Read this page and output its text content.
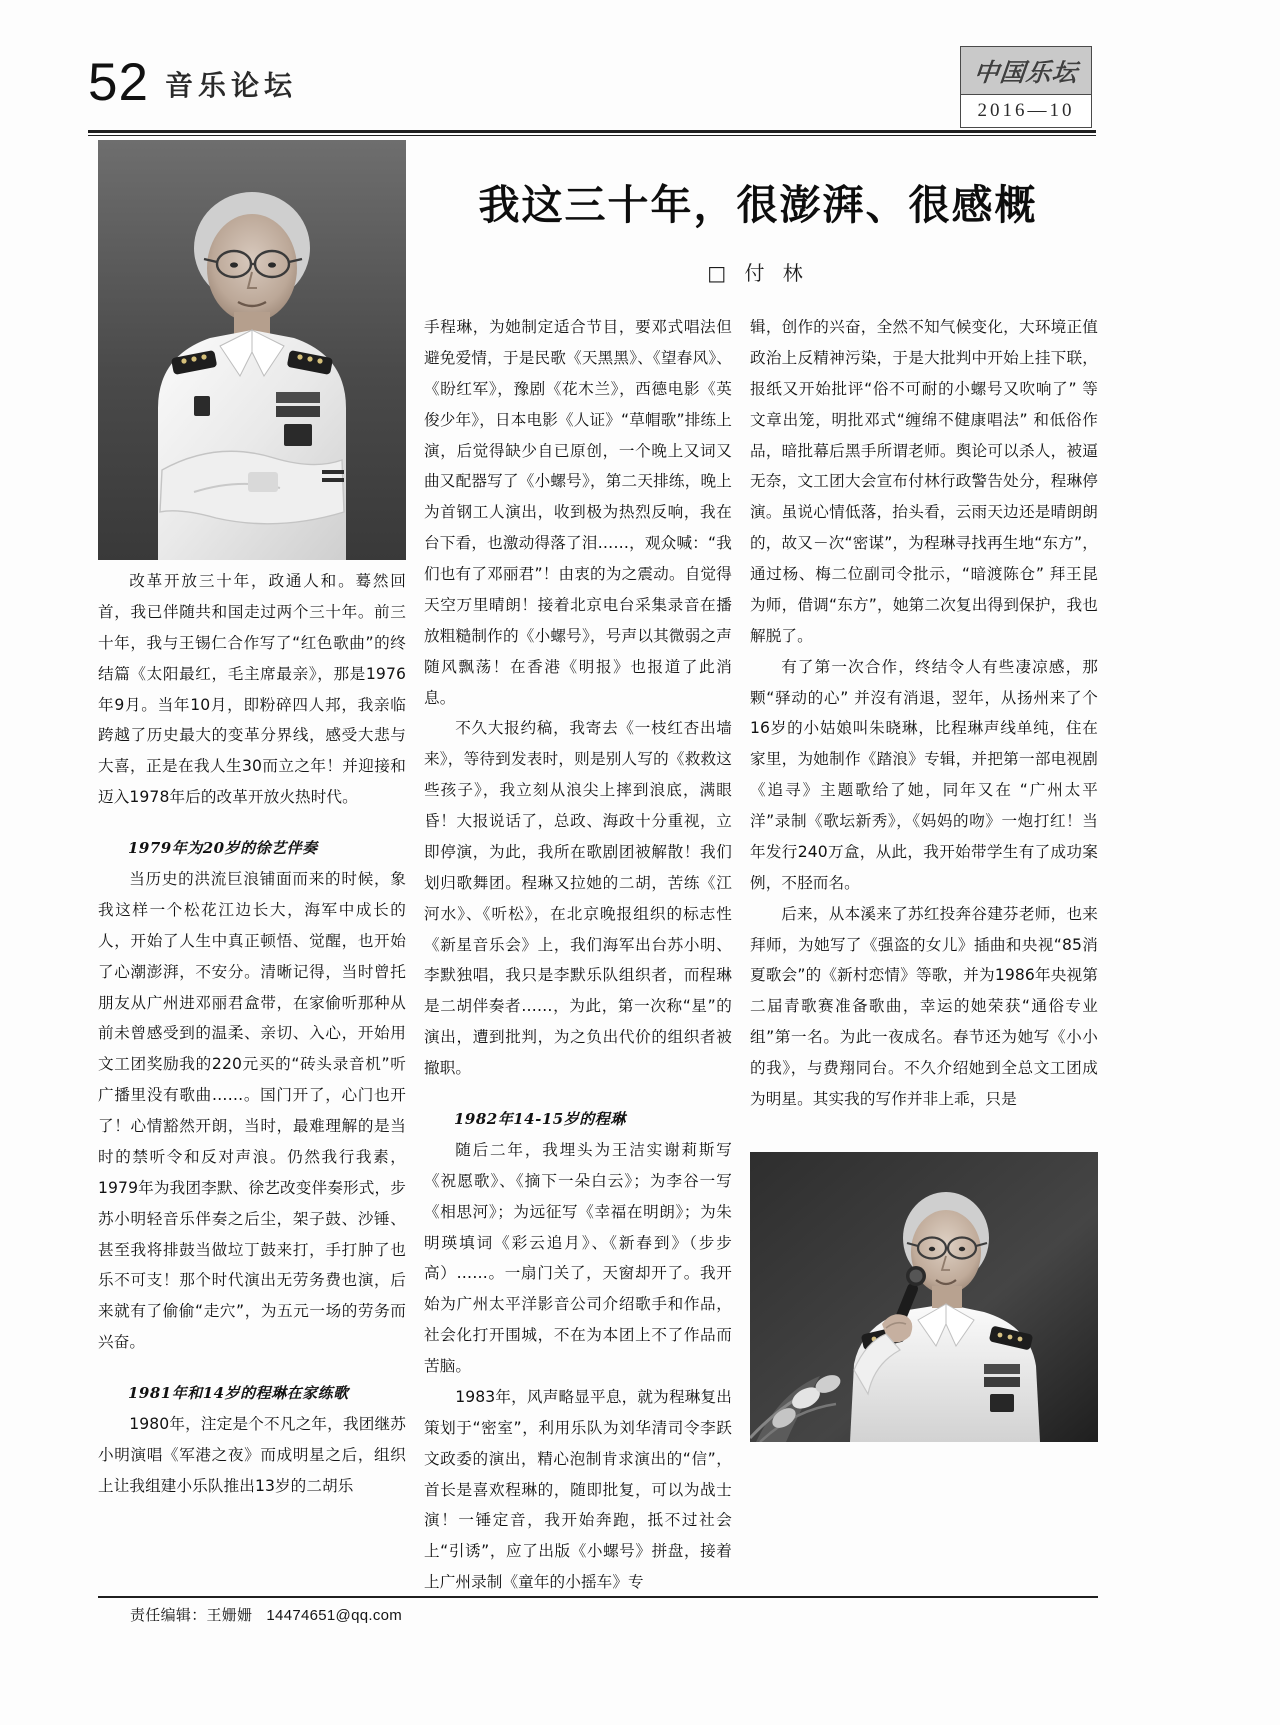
52 音乐论坛	中国乐坛
2016—10
我这三十年，很澎湃、很感概
□ 付 林

改革开放三十年，政通人和。蓦然回首，我已伴随共和国走过两个三十年。前三十年，我与王锡仁合作写了“红色歌曲”的终结篇《太阳最红，毛主席最亲》，那是1976年9月。当年10月，即粉碎四人邦，我亲临跨越了历史最大的变革分界线，感受大悲与大喜，正是在我人生30而立之年！并迎接和迈入1978年后的改革开放火热时代。

1979年为20岁的徐艺伴奏

当历史的洪流巨浪铺面而来的时候，象我这样一个松花江边长大，海军中成长的人，开始了人生中真正顿悟、觉醒，也开始了心潮澎湃，不安分。清晰记得，当时曾托朋友从广州进邓丽君盒带，在家偷听那种从前未曾感受到的温柔、亲切、入心，开始用文工团奖励我的220元买的“砖头录音机”听广播里没有歌曲……。国门开了，心门也开了！心情豁然开朗，当时，最难理解的是当时的禁听令和反对声浪。仍然我行我素，1979年为我团李默、徐艺改变伴奏形式，步苏小明轻音乐伴奏之后尘，架子鼓、沙锤、甚至我将排鼓当做垃丁鼓来打，手打肿了也乐不可支！那个时代演出无劳务费也演，后来就有了偷偷“走穴”，为五元一场的劳务而兴奋。

1981年和14岁的程琳在家练歌

1980年，注定是个不凡之年，我团继苏小明演唱《军港之夜》而成明星之后，组织上让我组建小乐队推出13岁的二胡乐

手程琳，为她制定适合节目，要邓式唱法但避免爱情，于是民歌《天黑黑》、《望春风》、《盼红军》，豫剧《花木兰》，西德电影《英俊少年》，日本电影《人证》“草帽歌”排练上演，后觉得缺少自已原创，一个晚上又词又曲又配器写了《小螺号》，第二天排练，晚上为首钢工人演出，收到极为热烈反响，我在台下看，也激动得落了泪……，观众喊：“我们也有了邓丽君”！由衷的为之震动。自觉得天空万里晴朗！接着北京电台采集录音在播放粗糙制作的《小螺号》，号声以其微弱之声随风飘荡！在香港《明报》也报道了此消息。

不久大报约稿，我寄去《一枝红杏出墙来》，等待到发表时，则是别人写的《救救这些孩子》，我立刻从浪尖上摔到浪底，满眼昏！大报说话了，总政、海政十分重视，立即停演，为此，我所在歌剧团被解散！我们划归歌舞团。程琳又拉她的二胡，苦练《江河水》、《听松》，在北京晚报组织的标志性《新星音乐会》上，我们海军出台苏小明、李默独唱，我只是李默乐队组织者，而程琳是二胡伴奏者……，为此，第一次称“星”的演出，遭到批判，为之负出代价的组织者被撤职。

1982年14-15岁的程琳

随后二年，我埋头为王洁实谢莉斯写《祝愿歌》、《摘下一朵白云》；为李谷一写《相思河》；为远征写《幸福在明朗》；为朱明瑛填词《彩云追月》、《新春到》（步步高）……。一扇门关了，天窗却开了。我开始为广州太平洋影音公司介绍歌手和作品，社会化打开围城，不在为本团上不了作品而苦脑。

1983年，风声略显平息，就为程琳复出策划于“密室”，利用乐队为刘华清司令李跃文政委的演出，精心泡制肯求演出的“信”，首长是喜欢程琳的，随即批复，可以为战士演！一锤定音，我开始奔跑，抵不过社会上“引诱”，应了出版《小螺号》拼盘，接着上广州录制《童年的小摇车》专

辑，创作的兴奋，全然不知气候变化，大环境正值政治上反精神污染，于是大批判中开始上挂下联，报纸又开始批评“俗不可耐的小螺号又吹响了” 等文章出笼，明批邓式“缠绵不健康唱法” 和低俗作品，暗批幕后黑手所谓老师。舆论可以杀人，被逼无奈，文工团大会宣布付林行政警告处分，程琳停演。虽说心情低落，抬头看，云雨天边还是晴朗朗的，故又－次“密谋”，为程琳寻找再生地“东方”，通过杨、梅二位副司令批示，“暗渡陈仓” 拜王昆为师，借调“东方”，她第二次复出得到保护，我也解脱了。

有了第一次合作，终结令人有些凄凉感，那颗“驿动的心” 并沒有消退，翌年，从扬州来了个16岁的小姑娘叫朱晓琳，比程琳声线单纯，住在家里，为她制作《踏浪》专辑，并把第一部电视剧《追寻》主题歌给了她，同年又在 “广州太平洋”录制《歌坛新秀》，《妈妈的吻》一炮打红！当年发行240万盒，从此，我开始带学生有了成功案例，不胫而名。

后来，从本溪来了苏红投奔谷建芬老师，也来拜师，为她写了《强盗的女儿》插曲和央视“85消夏歌会”的《新村恋情》等歌，并为1986年央视第二届青歌赛准备歌曲，幸运的她荣获“通俗专业组”第一名。为此一夜成名。春节还为她写《小小的我》，与费翔同台。不久介绍她到全总文工团成为明星。其实我的写作并非上乖，只是

责任编辑：王姗姗 14474651@qq.com
